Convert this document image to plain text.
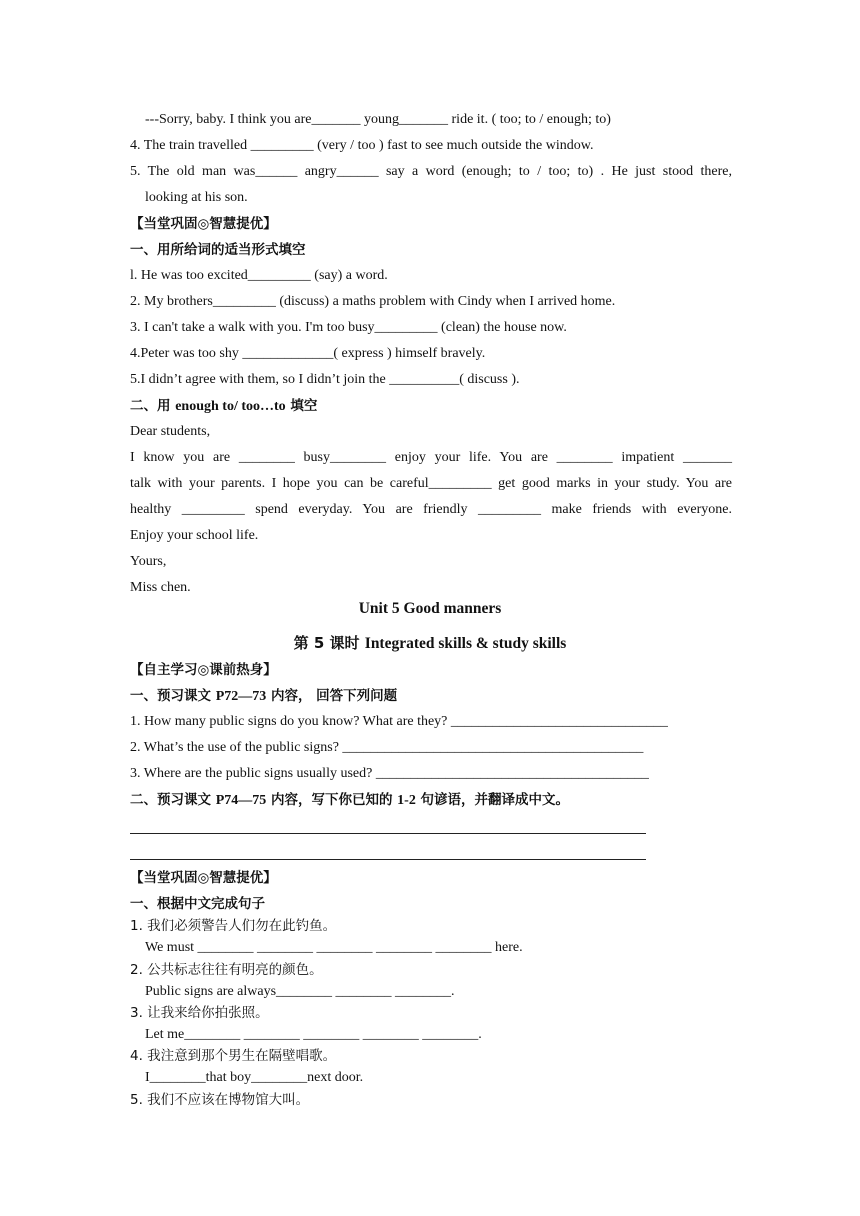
---Sorry, baby. I think you are_______ young_______ ride it. ( too; to / enough; to)
4. The train travelled _________ (very / too ) fast to see much outside the window.
5. The old man was______ angry______ say a word (enough; to / too; to) . He just stood there,
looking at his son.
【当堂巩固◎智慧提优】
一、用所给词的适当形式填空
l. He was too excited_________ (say) a word.
2. My brothers_________ (discuss) a maths problem with Cindy when I arrived home.
3. I can't take a walk with you. I'm too busy_________ (clean) the house now.
4.Peter was too shy _____________( express ) himself bravely.
5.I didn’t agree with them, so I didn’t join the __________( discuss ).
二、用 enough to/ too…to 填空
Dear students,
I know you are ________ busy________ enjoy your life. You are ________ impatient _______
talk with your parents. I hope you can be careful_________ get good marks in your study. You are
healthy _________ spend everyday. You are friendly _________ make friends with everyone.
Enjoy your school life.
Yours,
Miss chen.
Unit 5 Good manners
第 5 课时 Integrated skills & study skills
【自主学习◎课前热身】
一、预习课文 P72—73 内容， 回答下列问题
1. How many public signs do you know? What are they? _______________________________
2. What’s the use of the public signs? ___________________________________________
3. Where are the public signs usually used? _______________________________________
二、预习课文 P74—75 内容，写下你已知的 1-2 句谚语，并翻译成中文。
【当堂巩固◎智慧提优】
一、根据中文完成句子
1. 我们必须警告人们勿在此钓鱼。
We must ________ ________ ________ ________ ________ here.
2. 公共标志往往有明亮的颜色。
Public signs are always________ ________ ________.
3. 让我来给你拍张照。
Let me________ ________ ________ ________ ________.
4. 我注意到那个男生在隔壁唱歌。
I________that boy________next door.
5. 我们不应该在博物馆大叫。
